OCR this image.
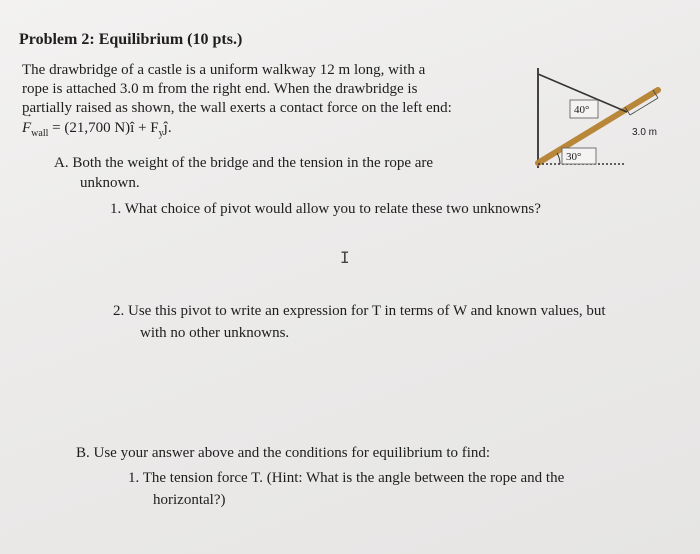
Problem 2: Equilibrium (10 pts.)
The drawbridge of a castle is a uniform walkway 12 m long, with a
rope is attached 3.0 m from the right end. When the drawbridge is
partially raised as shown, the wall exerts a contact force on the left end:
→ $F_{wall} = (21,700$ N)î + $F_yĵ$.
A. Both the weight of the bridge and the tension in the rope are
unknown.
1. What choice of pivot would allow you to relate these two unknowns?
I
2. Use this pivot to write an expression for T in terms of W and known values, but
with no other unknowns.
B. Use your answer above and the conditions for equilibrium to find:
1. The tension force T. (Hint: What is the angle between the rope and the
horizontal?)
30°
40°
3.0 m
